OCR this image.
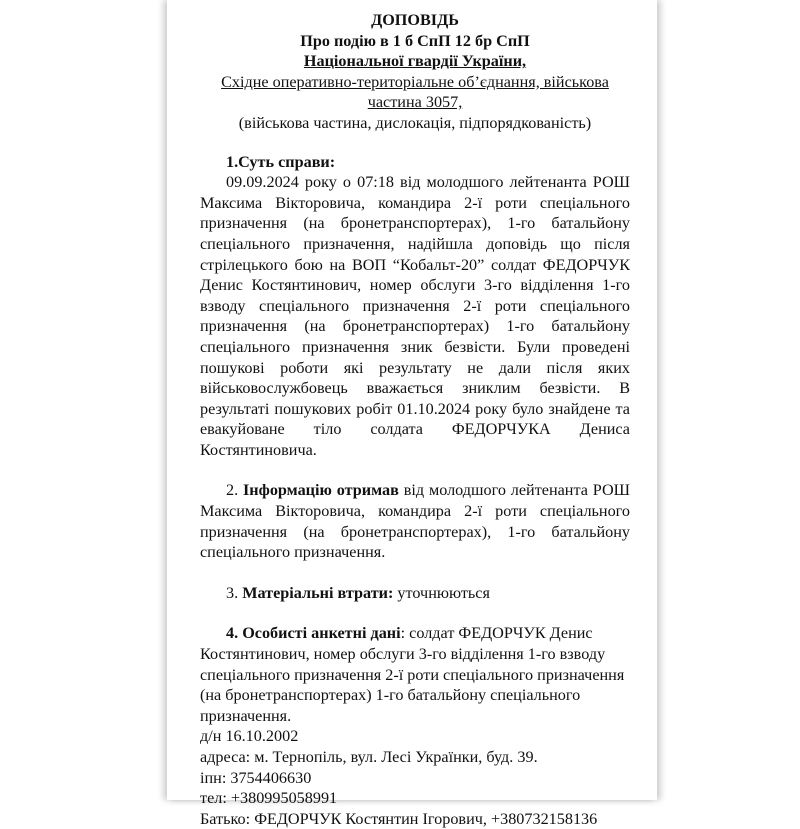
ДОПОВІДЬ
Про подію в 1 б СпП 12 бр СпП
Національної гвардії України,
Східне оперативно-територіальне об’єднання, військова
частина 3057,
(військова частина, дислокація, підпорядкованість)

1.Суть справи:

09.09.2024 року о 07:18 від молодшого лейтенанта РОШ Максима Вікторовича, командира 2-ї роти спеціального призначення (на бронетранспортерах), 1-го батальйону спеціального призначення, надійшла доповідь що після стрілецького бою на ВОП “Кобальт-20” солдат ФЕДОРЧУК Денис Костянтинович, номер обслуги 3-го відділення 1-го взводу спеціального призначення 2-ї роти спеціального призначення (на бронетранспортерах) 1-го батальйону спеціального призначення зник безвісти. Були проведені пошукові роботи які результату не дали після яких військовослужбовець вважається зниклим безвісти. В результаті пошукових робіт 01.10.2024 року було знайдене та евакуйоване тіло солдата ФЕДОРЧУКА Дениса Костянтиновича.

2. Інформацію отримав від молодшого лейтенанта РОШ Максима Вікторовича, командира 2-ї роти спеціального призначення (на бронетранспортерах), 1-го батальйону спеціального призначення.

3. Матеріальні втрати: уточнюються

4. Особисті анкетні дані: солдат ФЕДОРЧУК Денис Костянтинович, номер обслуги 3-го відділення 1-го взводу спеціального призначення 2-ї роти спеціального призначення (на бронетранспортерах) 1-го батальйону спеціального призначення.

д/н 16.10.2002
адреса: м. Тернопіль, вул. Лесі Українки, буд. 39.
іпн: 3754406630
тел: +380995058991
Батько: ФЕДОРЧУК Костянтин Ігорович, +380732158136
